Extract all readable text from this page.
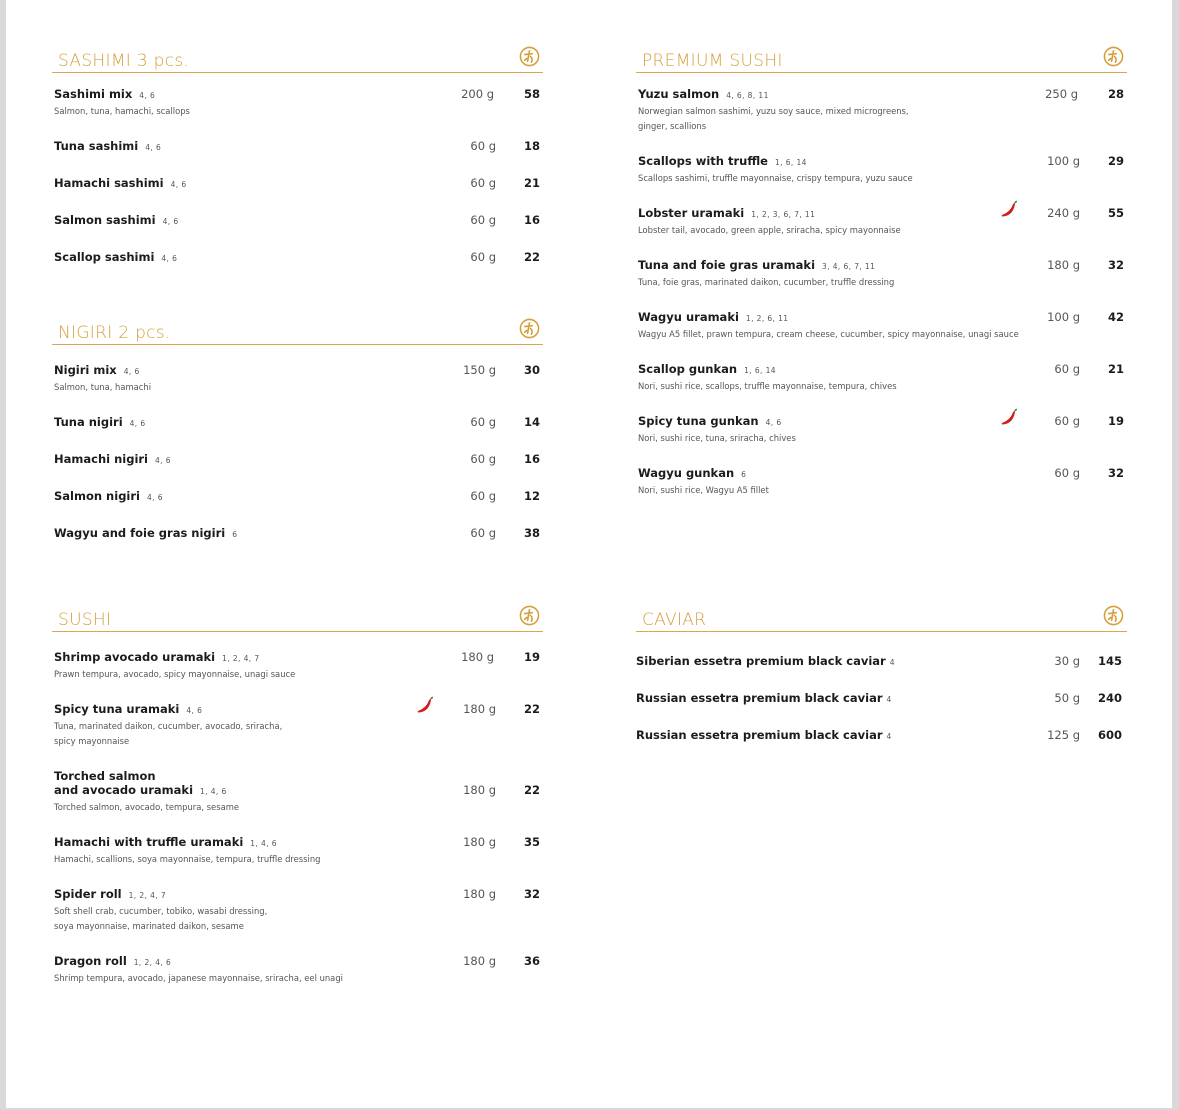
SASHIMI 3 pcs.
Sashimi mix 4, 6
Salmon, tuna, hamachi, scallops
200 g	58
Tuna sashimi 4, 6	60 g	18
Hamachi sashimi 4, 6	60 g	21
Salmon sashimi 4, 6	60 g	16
Scallop sashimi 4, 6	60 g	22
NIGIRI 2 pcs.
Nigiri mix 4, 6
Salmon, tuna, hamachi
150 g	30
Tuna nigiri 4, 6	60 g	14
Hamachi nigiri 4, 6	60 g	16
Salmon nigiri 4, 6	60 g	12
Wagyu and foie gras nigiri 6	60 g	38
SUSHI
Shrimp avocado uramaki 1, 2, 4, 7
Prawn tempura, avocado, spicy mayonnaise, unagi sauce
180 g	19
Spicy tuna uramaki 4, 6
Tuna, marinated daikon, cucumber, avocado, sriracha,
spicy mayonnaise
180 g	22
Torched salmon
and avocado uramaki 1, 4, 6
Torched salmon, avocado, tempura, sesame
180 g	22
Hamachi with truffle uramaki 1, 4, 6
Hamachi, scallions, soya mayonnaise, tempura, truffle dressing
180 g	35
Spider roll 1, 2, 4, 7
Soft shell crab, cucumber, tobiko, wasabi dressing,
soya mayonnaise, marinated daikon, sesame
180 g	32
Dragon roll 1, 2, 4, 6
Shrimp tempura, avocado, japanese mayonnaise, sriracha, eel unagi
180 g	36
PREMIUM SUSHI
Yuzu salmon 4, 6, 8, 11
Norwegian salmon sashimi, yuzu soy sauce, mixed microgreens,
ginger, scallions
250 g	28
Scallops with truffle 1, 6, 14
Scallops sashimi, truffle mayonnaise, crispy tempura, yuzu sauce
100 g	29
Lobster uramaki 1, 2, 3, 6, 7, 11
Lobster tail, avocado, green apple, sriracha, spicy mayonnaise
240 g	55
Tuna and foie gras uramaki 3, 4, 6, 7, 11
Tuna, foie gras, marinated daikon, cucumber, truffle dressing
180 g	32
Wagyu uramaki 1, 2, 6, 11
Wagyu A5 fillet, prawn tempura, cream cheese, cucumber, spicy mayonnaise, unagi sauce
100 g	42
Scallop gunkan 1, 6, 14
Nori, sushi rice, scallops, truffle mayonnaise, tempura, chives
60 g	21
Spicy tuna gunkan 4, 6
Nori, sushi rice, tuna, sriracha, chives
60 g	19
Wagyu gunkan 6
Nori, sushi rice, Wagyu A5 fillet
60 g	32
CAVIAR
Siberian essetra premium black caviar 4	30 g	145
Russian essetra premium black caviar 4	50 g	240
Russian essetra premium black caviar 4	125 g	600
